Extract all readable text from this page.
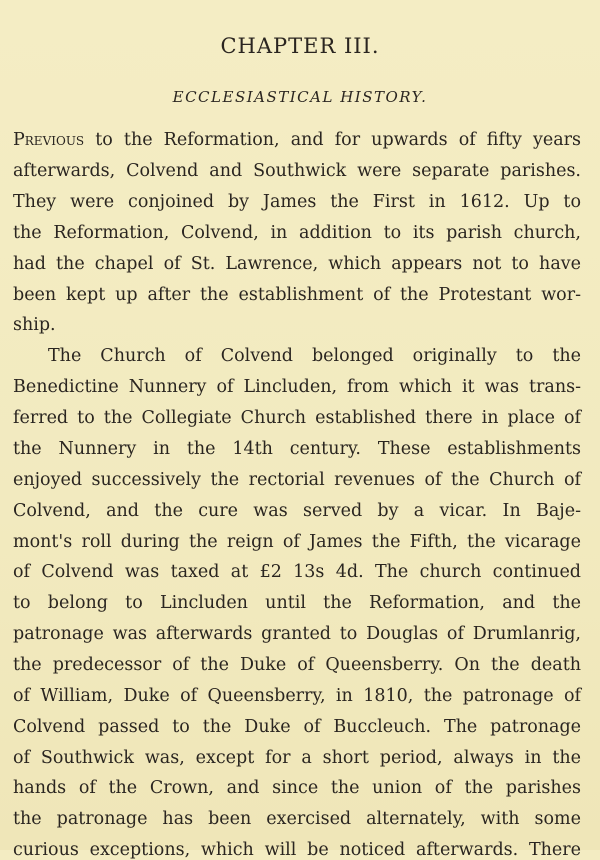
CHAPTER III.
ECCLESIASTICAL HISTORY.
Previous to the Reformation, and for upwards of fifty years
afterwards, Colvend and Southwick were separate parishes.
They were conjoined by James the First in 1612. Up to
the Reformation, Colvend, in addition to its parish church,
had the chapel of St. Lawrence, which appears not to have
been kept up after the establishment of the Protestant wor-
ship.
The Church of Colvend belonged originally to the
Benedictine Nunnery of Lincluden, from which it was trans-
ferred to the Collegiate Church established there in place of
the Nunnery in the 14th century. These establishments
enjoyed successively the rectorial revenues of the Church of
Colvend, and the cure was served by a vicar. In Baje-
mont's roll during the reign of James the Fifth, the vicarage
of Colvend was taxed at £2 13s 4d. The church continued
to belong to Lincluden until the Reformation, and the
patronage was afterwards granted to Douglas of Drumlanrig,
the predecessor of the Duke of Queensberry. On the death
of William, Duke of Queensberry, in 1810, the patronage of
Colvend passed to the Duke of Buccleuch. The patronage
of Southwick was, except for a short period, always in the
hands of the Crown, and since the union of the parishes
the patronage has been exercised alternately, with some
curious exceptions, which will be noticed afterwards. There
